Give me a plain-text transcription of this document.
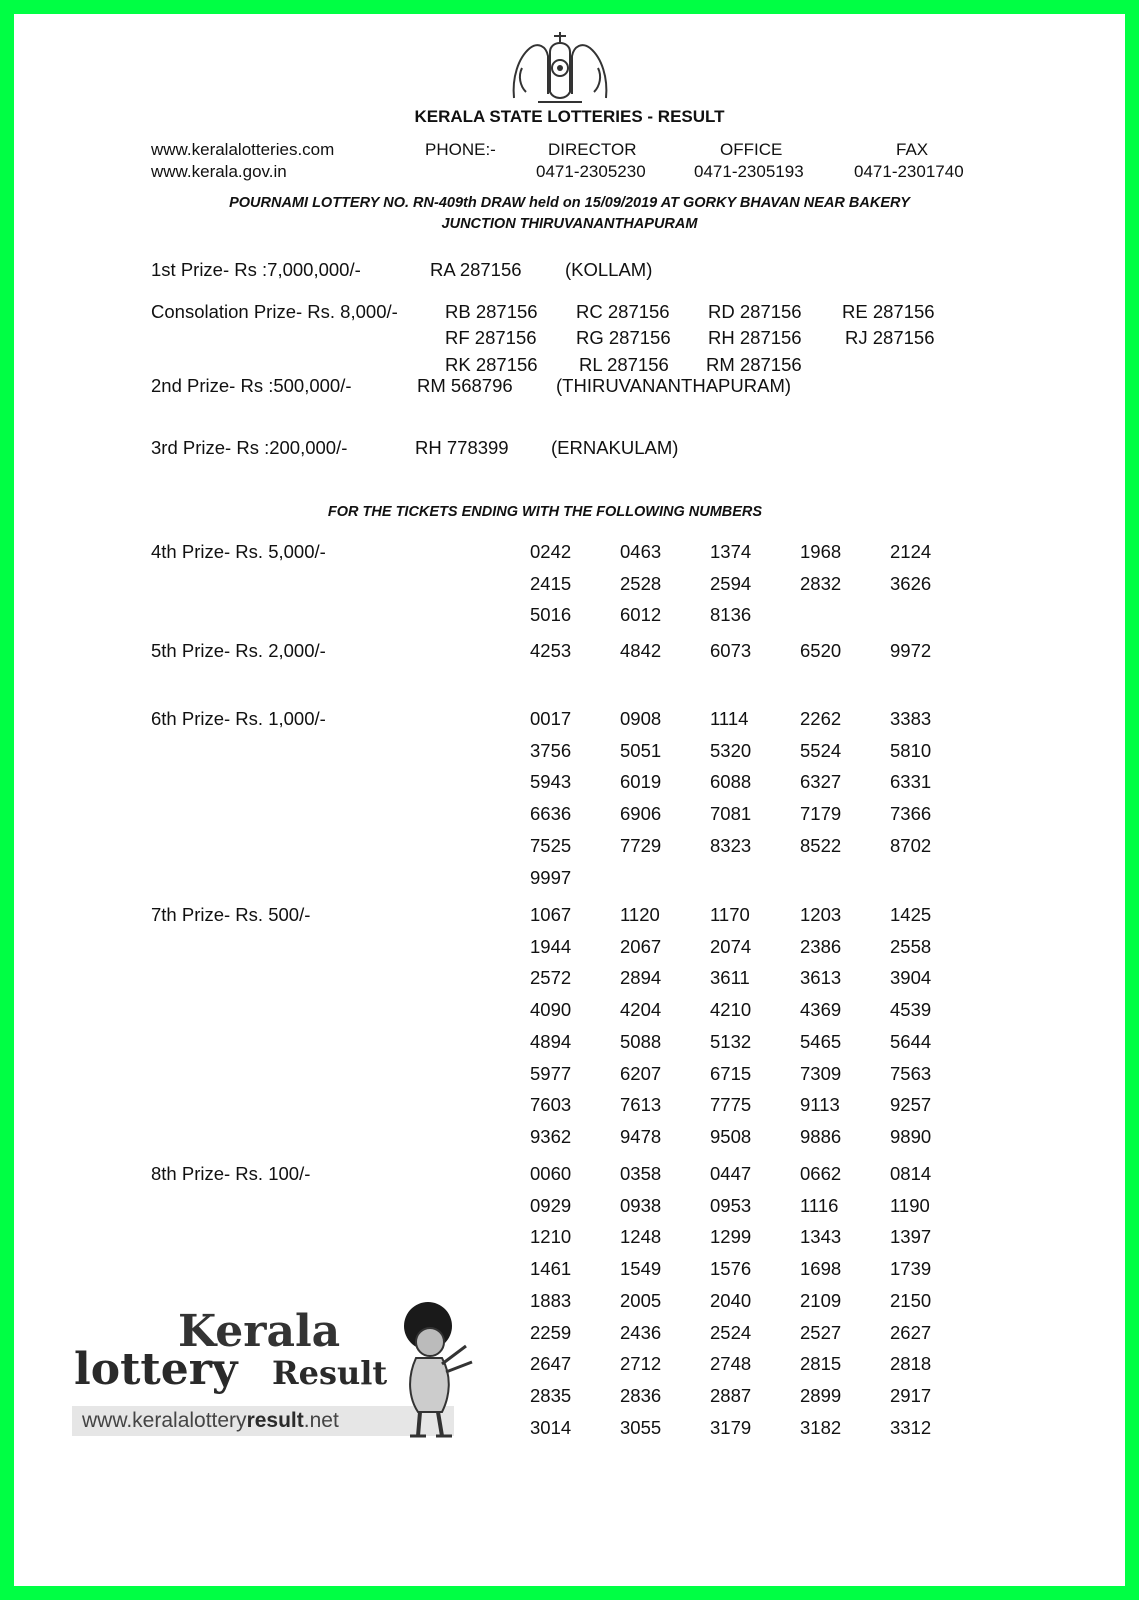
KERALA STATE LOTTERIES - RESULT
www.keralalotteries.com
www.kerala.gov.in
PHONE:-	DIRECTOR
0471-2305230
OFFICE
0471-2305193
FAX
0471-2301740
POURNAMI LOTTERY NO. RN-409th DRAW held on 15/09/2019 AT GORKY BHAVAN NEAR BAKERY
JUNCTION THIRUVANANTHAPURAM
1st Prize- Rs :7,000,000/-	RA 287156 (KOLLAM)
Consolation Prize- Rs. 8,000/-	RB 287156 RC 287156 RD 287156 RE 287156
RF 287156 RG 287156 RH 287156 RJ 287156
RK 287156 RL 287156 RM 287156
2nd Prize- Rs :500,000/-	RM 568796 (THIRUVANANTHAPURAM)
3rd Prize- Rs :200,000/-	RH 778399 (ERNAKULAM)
FOR THE TICKETS ENDING WITH THE FOLLOWING NUMBERS
4th Prize- Rs. 5,000/-	0242	0463	1374	1968	2124
2415	2528	2594	2832	3626
5016	6012	8136
5th Prize- Rs. 2,000/-	4253	4842	6073	6520	9972
6th Prize- Rs. 1,000/-	0017	0908	1114	2262	3383
3756	5051	5320	5524	5810
5943	6019	6088	6327	6331
6636	6906	7081	7179	7366
7525	7729	8323	8522	8702
9997
7th Prize- Rs. 500/-	1067	1120	1170	1203	1425
1944	2067	2074	2386	2558
2572	2894	3611	3613	3904
4090	4204	4210	4369	4539
4894	5088	5132	5465	5644
5977	6207	6715	7309	7563
7603	7613	7775	9113	9257
9362	9478	9508	9886	9890
8th Prize- Rs. 100/-	0060	0358	0447	0662	0814
0929	0938	0953	1116	1190
1210	1248	1299	1343	1397
1461	1549	1576	1698	1739
1883	2005	2040	2109	2150
2259	2436	2524	2527	2627
2647	2712	2748	2815	2818
2835	2836	2887	2899	2917
3014	3055	3179	3182	3312
Kerala
lottery Result
www.keralalotteryresult.net
